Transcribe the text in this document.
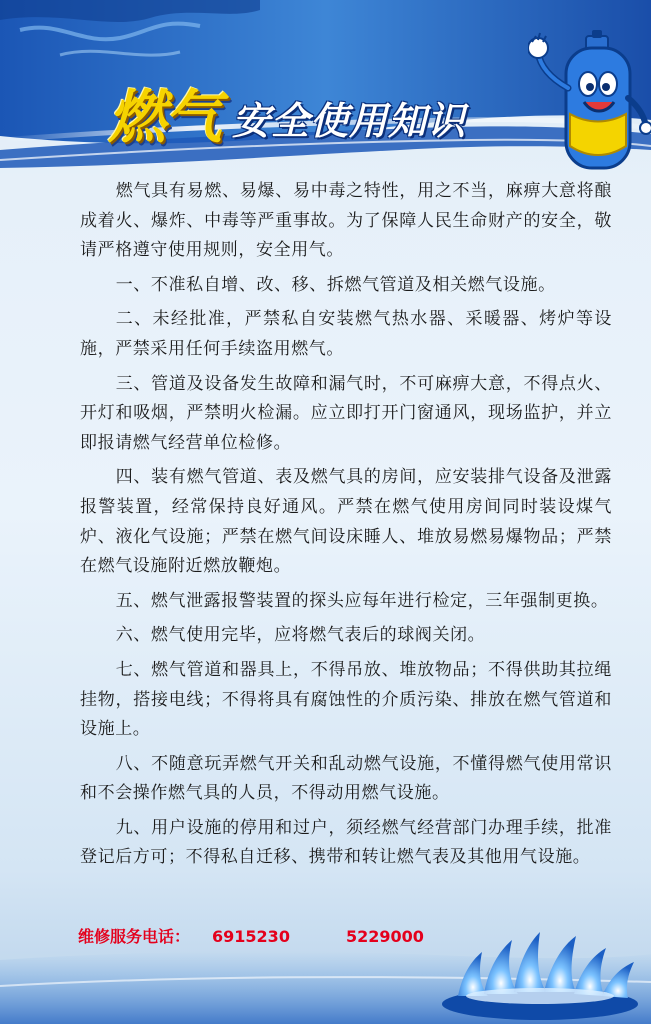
燃气 安全使用知识

燃气具有易燃、易爆、易中毒之特性，用之不当，麻痹大意将酿成着火、爆炸、中毒等严重事故。为了保障人民生命财产的安全，敬请严格遵守使用规则，安全用气。

一、不准私自增、改、移、拆燃气管道及相关燃气设施。

二、未经批准，严禁私自安装燃气热水器、采暖器、烤炉等设施，严禁采用任何手续盗用燃气。

三、管道及设备发生故障和漏气时，不可麻痹大意，不得点火、开灯和吸烟，严禁明火检漏。应立即打开门窗通风，现场监护，并立即报请燃气经营单位检修。

四、装有燃气管道、表及燃气具的房间，应安装排气设备及泄露报警装置，经常保持良好通风。严禁在燃气使用房间同时装设煤气炉、液化气设施；严禁在燃气间设床睡人、堆放易燃易爆物品；严禁在燃气设施附近燃放鞭炮。

五、燃气泄露报警装置的探头应每年进行检定，三年强制更换。

六、燃气使用完毕，应将燃气表后的球阀关闭。

七、燃气管道和器具上，不得吊放、堆放物品；不得供助其拉绳挂物，搭接电线；不得将具有腐蚀性的介质污染、排放在燃气管道和设施上。

八、不随意玩弄燃气开关和乱动燃气设施，不懂得燃气使用常识和不会操作燃气具的人员，不得动用燃气设施。

九、用户设施的停用和过户，须经燃气经营部门办理手续，批准登记后方可；不得私自迁移、携带和转让燃气表及其他用气设施。

维修服务电话： 6915230	5229000
